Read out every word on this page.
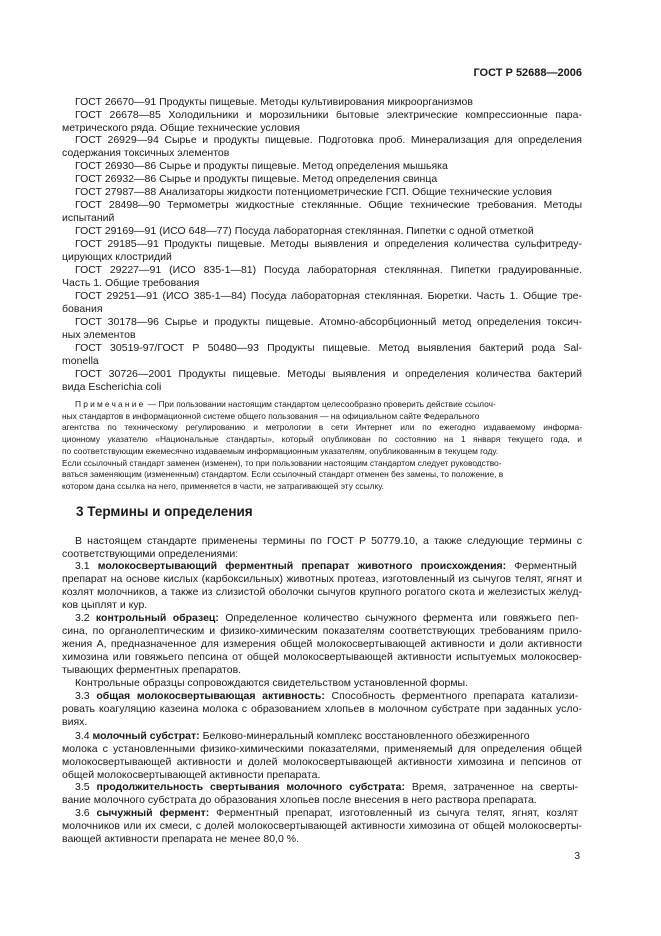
ГОСТ Р 52688—2006
3 Термины и определения
3
ГОСТ 26670—91 Продукты пищевые. Методы культивирования микроорганизмов
ГОСТ 26678—85 Холодильники и морозильники бытовые электрические компрессионные пара-
метрического ряда. Общие технические условия
ГОСТ 26929—94 Сырье и продукты пищевые. Подготовка проб. Минерализация для определения
содержания токсичных элементов
ГОСТ 26930—86 Сырье и продукты пищевые. Метод определения мышьяка
ГОСТ 26932—86 Сырье и продукты пищевые. Метод определения свинца
ГОСТ 27987—88 Анализаторы жидкости потенциометрические ГСП. Общие технические условия
ГОСТ 28498—90 Термометры жидкостные стеклянные. Общие технические требования. Методы
испытаний
ГОСТ 29169—91 (ИСО 648—77) Посуда лабораторная стеклянная. Пипетки с одной отметкой
ГОСТ 29185—91 Продукты пищевые. Методы выявления и определения количества сульфитреду-
цирующих клостридий
ГОСТ 29227—91 (ИСО 835-1—81) Посуда лабораторная стеклянная. Пипетки градуированные.
Часть 1. Общие требования
ГОСТ 29251—91 (ИСО 385-1—84) Посуда лабораторная стеклянная. Бюретки. Часть 1. Общие тре-
бования
ГОСТ 30178—96 Сырье и продукты пищевые. Атомно-абсорбционный метод определения токсич-
ных элементов
ГОСТ 30519-97/ГОСТ Р 50480—93 Продукты пищевые. Метод выявления бактерий рода Sal-
monella
ГОСТ 30726—2001 Продукты пищевые. Методы выявления и определения количества бактерий
вида Escherichia coli
Примечание — При пользовании настоящим стандартом целесообразно проверить действие ссылоч-
ных стандартов в информационной системе общего пользования — на официальном сайте Федерального
агентства по техническому регулированию и метрологии в сети Интернет или по ежегодно издаваемому информа-
ционному указателю «Национальные стандарты», который опубликован по состоянию на 1 января текущего года, и
по соответствующим ежемесячно издаваемым информационным указателям, опубликованным в текущем году.
Если ссылочный стандарт заменен (изменен), то при пользовании настоящим стандартом следует руководство-
ваться заменяющим (измененным) стандартом. Если ссылочный стандарт отменен без замены, то положение, в
котором дана ссылка на него, применяется в части, не затрагивающей эту ссылку.
В настоящем стандарте применены термины по ГОСТ Р 50779.10, а также следующие термины с
соответствующими определениями:
3.1 молокосвертывающий ферментный препарат животного происхождения: Ферментный
препарат на основе кислых (карбоксильных) животных протеаз, изготовленный из сычугов телят, ягнят и
козлят молочников, а также из слизистой оболочки сычугов крупного рогатого скота и железистых желуд-
ков цыплят и кур.
3.2 контрольный образец: Определенное количество сычужного фермента или говяжьего пеп-
сина, по органолептическим и физико-химическим показателям соответствующих требованиям прило-
жения А, предназначенное для измерения общей молокосвертывающей активности и доли активности
химозина или говяжьего пепсина от общей молокосвертывающей активности испытуемых молокосвер-
тывающих ферментных препаратов.
Контрольные образцы сопровождаются свидетельством установленной формы.
3.3 общая молокосвертывающая активность: Способность ферментного препарата катализи-
ровать коагуляцию казеина молока с образованием хлопьев в молочном субстрате при заданных усло-
виях.
3.4 молочный субстрат: Белково-минеральный комплекс восстановленного обезжиренного
молока с установленными физико-химическими показателями, применяемый для определения общей
молокосвертывающей активности и долей молокосвертывающей активности химозина и пепсинов от
общей молокосвертывающей активности препарата.
3.5 продолжительность свертывания молочного субстрата: Время, затраченное на сверты-
вание молочного субстрата до образования хлопьев после внесения в него раствора препарата.
3.6 сычужный фермент: Ферментный препарат, изготовленный из сычуга телят, ягнят, козлят
молочников или их смеси, с долей молокосвертывающей активности химозина от общей молокосверты-
вающей активности препарата не менее 80,0 %.
